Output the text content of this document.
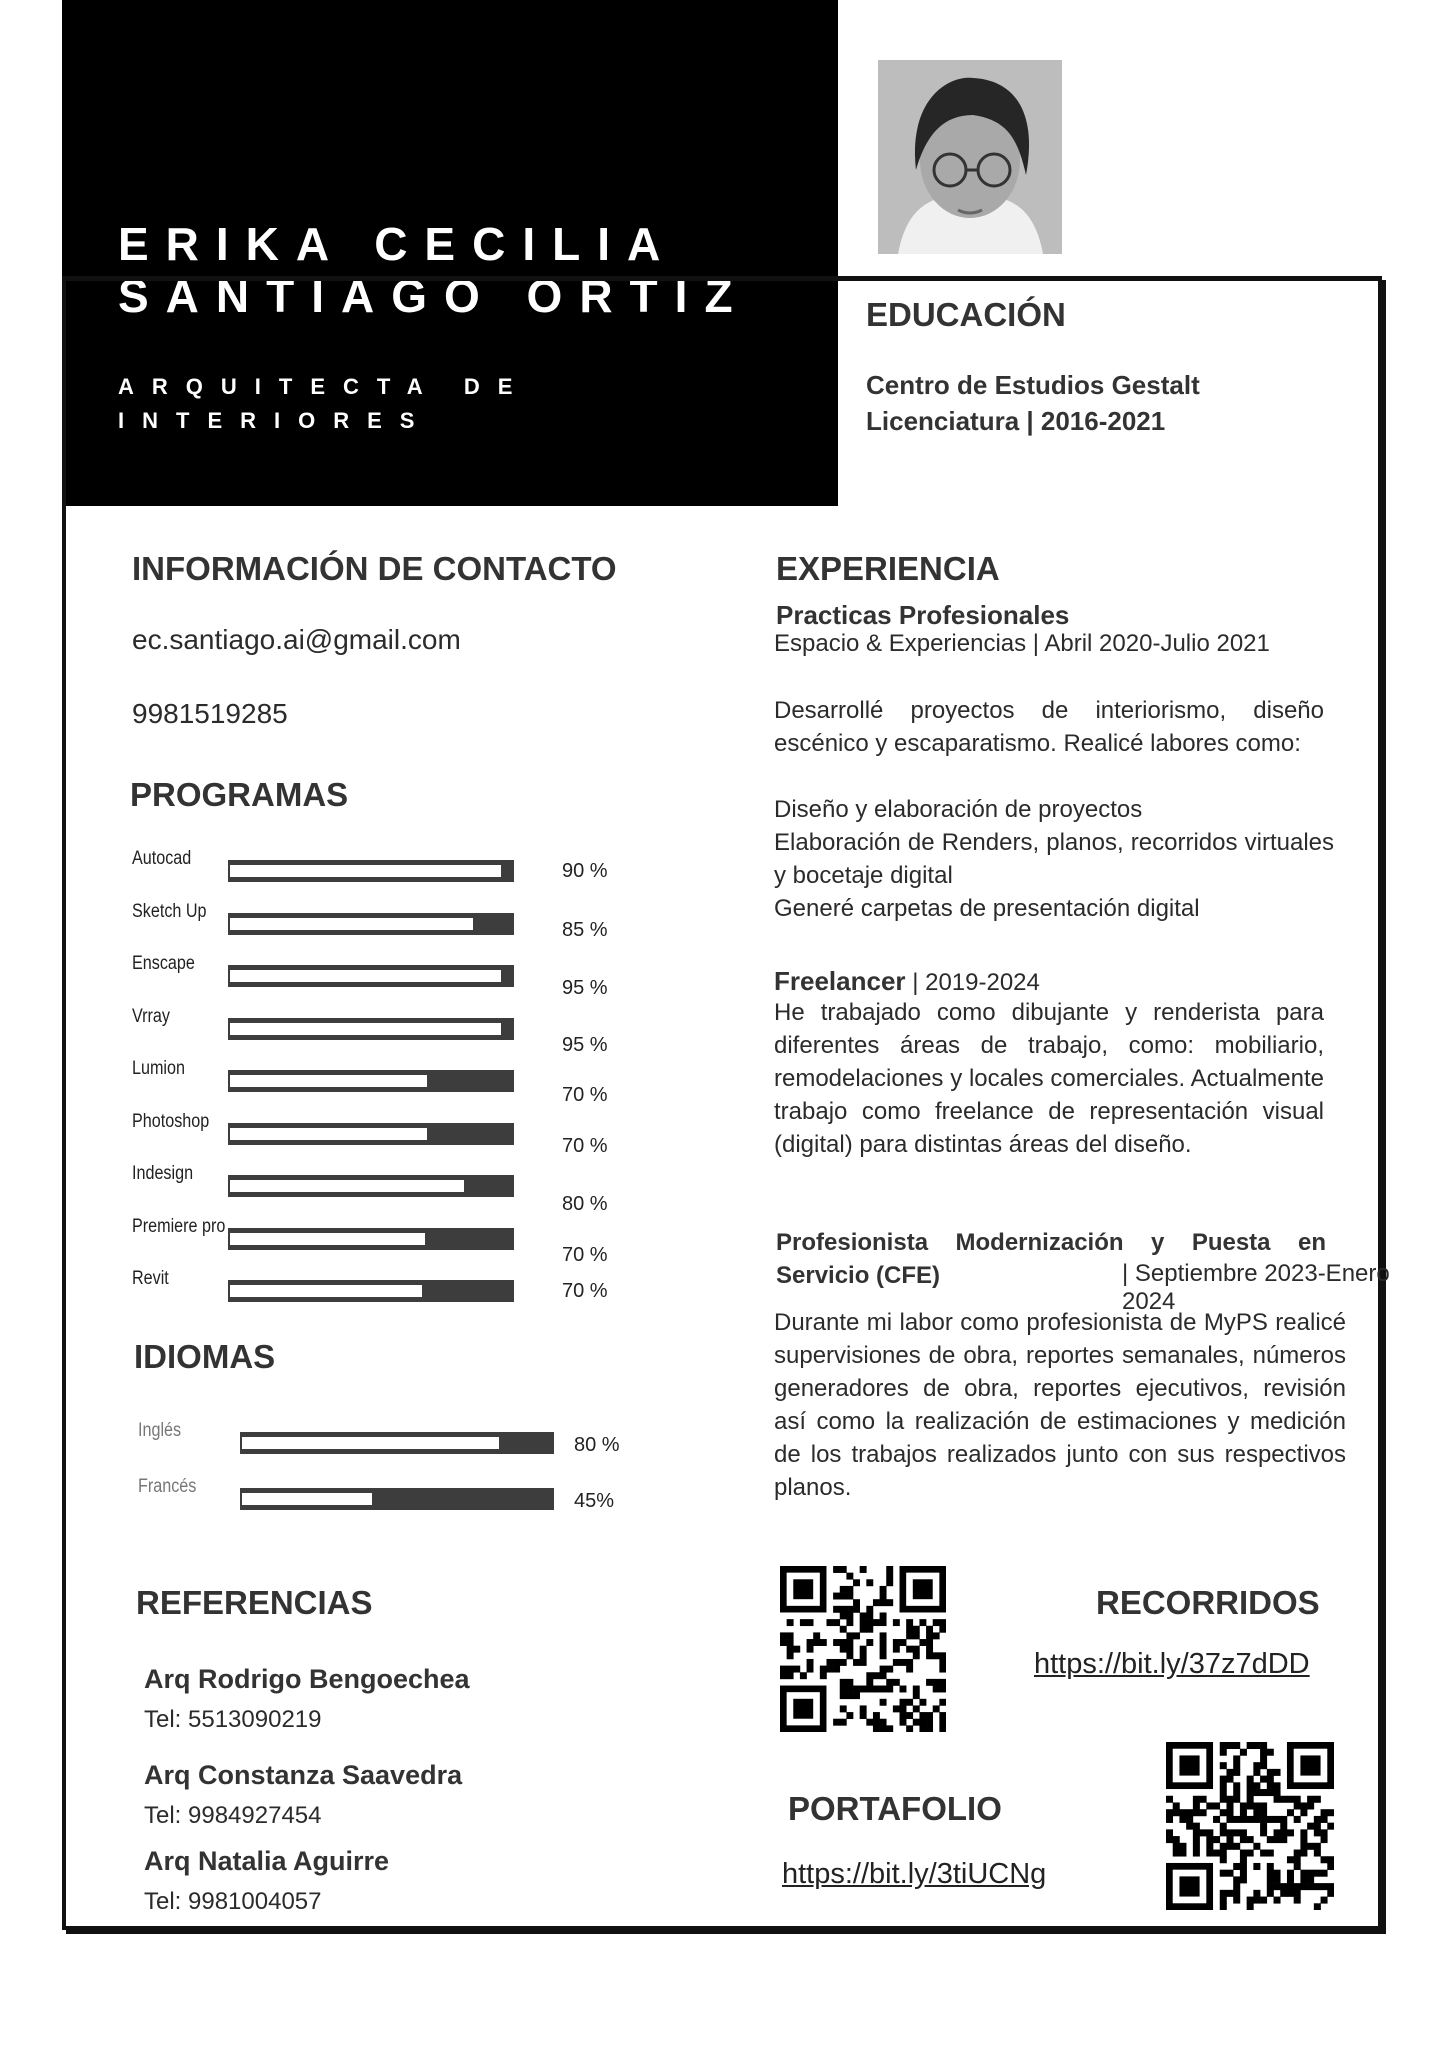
ERIKA CECILIA
SANTIAGO ORTIZ
ARQUITECTA DE INTERIORES
EDUCACIÓN
Centro de Estudios Gestalt
Licenciatura | 2016-2021
INFORMACIÓN DE CONTACTO
ec.santiago.ai@gmail.com
9981519285
PROGRAMAS
Autocad
90 %
Sketch Up
85 %
Enscape
95 %
Vrray
95 %
Lumion
70 %
Photoshop
70 %
Indesign
80 %
Premiere pro
70 %
Revit
70 %
IDIOMAS
Inglés
80 %
Francés
45%
REFERENCIAS
Arq Rodrigo Bengoechea
Tel: 5513090219
Arq Constanza Saavedra
Tel: 9984927454
Arq Natalia Aguirre
Tel: 9981004057
EXPERIENCIA
Practicas Profesionales
Espacio & Experiencias | Abril 2020-Julio 2021
Desarrollé proyectos de interiorismo, diseño escénico y escaparatismo. Realicé labores como:
Diseño y elaboración de proyectos
Elaboración de Renders, planos, recorridos virtuales y bocetaje digital
Generé carpetas de presentación digital
Freelancer | 2019-2024
He trabajado como dibujante y renderista para diferentes áreas de trabajo, como: mobiliario, remodelaciones y locales comerciales. Actualmente trabajo como freelance de representación visual (digital) para distintas áreas del diseño.
Profesionista Modernización y Puesta en Servicio (CFE)	| Septiembre 2023-Enero 2024
Durante mi labor como profesionista de MyPS realicé supervisiones de obra, reportes semanales, números generadores de obra, reportes ejecutivos, revisión así como la realización de estimaciones y medición de los trabajos realizados junto con sus respectivos planos.
RECORRIDOS
https://bit.ly/37z7dDD
PORTAFOLIO
https://bit.ly/3tiUCNg
